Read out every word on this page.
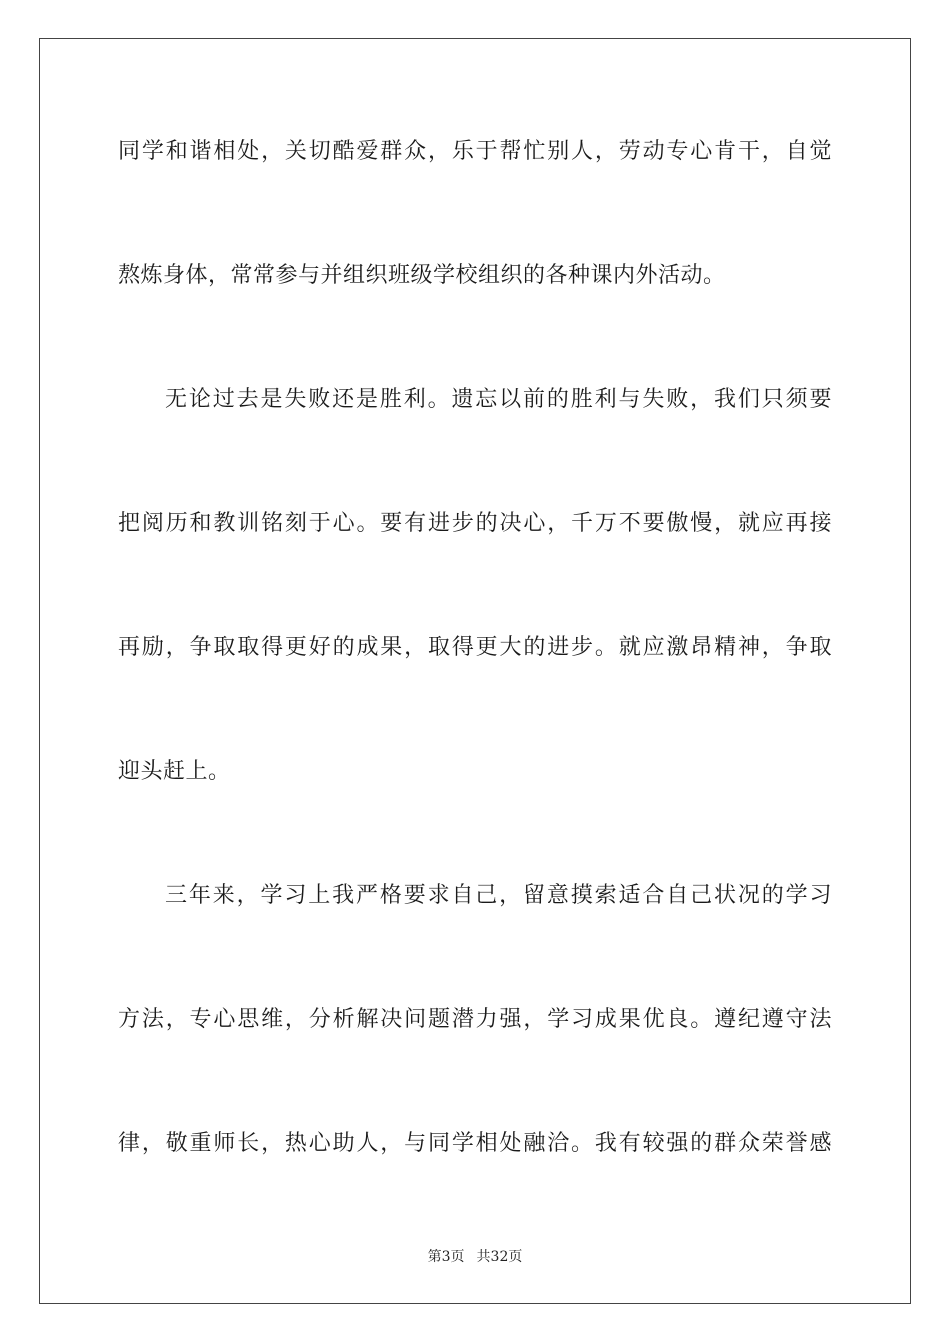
同学和谐相处，关切酷爱群众，乐于帮忙别人，劳动专心肯干，自觉
熬炼身体，常常参与并组织班级学校组织的各种课内外活动。
无论过去是失败还是胜利。遗忘以前的胜利与失败，我们只须要
把阅历和教训铭刻于心。要有进步的决心，千万不要傲慢，就应再接
再励，争取取得更好的成果，取得更大的进步。就应激昂精神，争取
迎头赶上。
三年来，学习上我严格要求自己，留意摸索适合自己状况的学习
方法，专心思维，分析解决问题潜力强，学习成果优良。遵纪遵守法
律，敬重师长，热心助人，与同学相处融洽。我有较强的群众荣誉感
第3页 共32页
